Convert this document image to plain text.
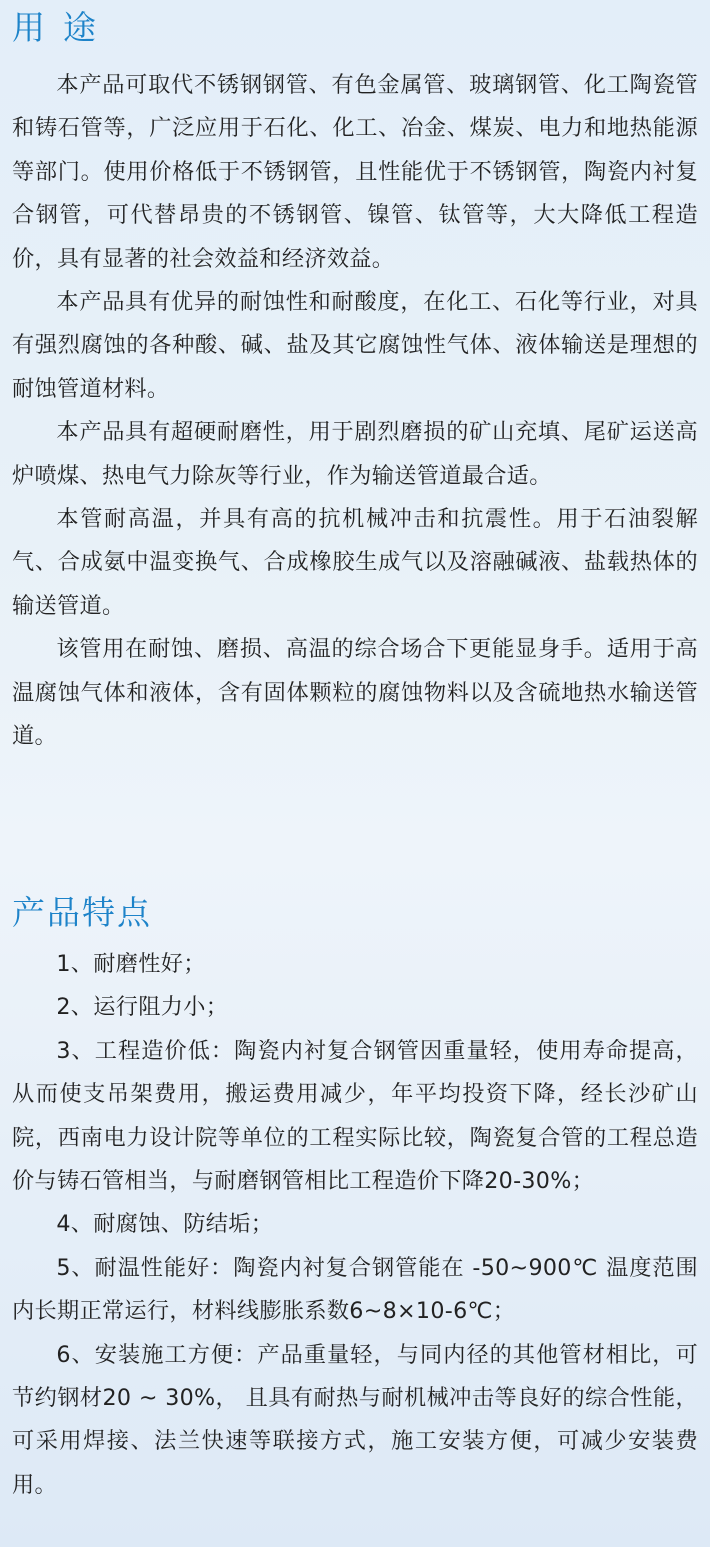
用途

本产品可取代不锈钢钢管、有色金属管、玻璃钢管、化工陶瓷管和铸石管等，广泛应用于石化、化工、冶金、煤炭、电力和地热能源等部门。使用价格低于不锈钢管，且性能优于不锈钢管，陶瓷内衬复合钢管，可代替昂贵的不锈钢管、镍管、钛管等，大大降低工程造价，具有显著的社会效益和经济效益。

本产品具有优异的耐蚀性和耐酸度，在化工、石化等行业，对具有强烈腐蚀的各种酸、碱、盐及其它腐蚀性气体、液体输送是理想的耐蚀管道材料。

本产品具有超硬耐磨性，用于剧烈磨损的矿山充填、尾矿运送高炉喷煤、热电气力除灰等行业，作为输送管道最合适。

本管耐高温，并具有高的抗机械冲击和抗震性。用于石油裂解气、合成氨中温变换气、合成橡胶生成气以及溶融碱液、盐载热体的输送管道。

该管用在耐蚀、磨损、高温的综合场合下更能显身手。适用于高温腐蚀气体和液体，含有固体颗粒的腐蚀物料以及含硫地热水输送管道。

产品特点

1、耐磨性好；

2、运行阻力小；

3、工程造价低：陶瓷内衬复合钢管因重量轻，使用寿命提高，从而使支吊架费用，搬运费用减少，年平均投资下降，经长沙矿山院，西南电力设计院等单位的工程实际比较，陶瓷复合管的工程总造价与铸石管相当，与耐磨钢管相比工程造价下降20-30%；

4、耐腐蚀、防结垢；

5、耐温性能好：陶瓷内衬复合钢管能在 -50~900℃ 温度范围内长期正常运行，材料线膨胀系数6~8×10-6℃；

6、安装施工方便：产品重量轻，与同内径的其他管材相比，可节约钢材20 ~ 30%， 且具有耐热与耐机械冲击等良好的综合性能，可采用焊接、法兰快速等联接方式，施工安装方便，可减少安装费用。
